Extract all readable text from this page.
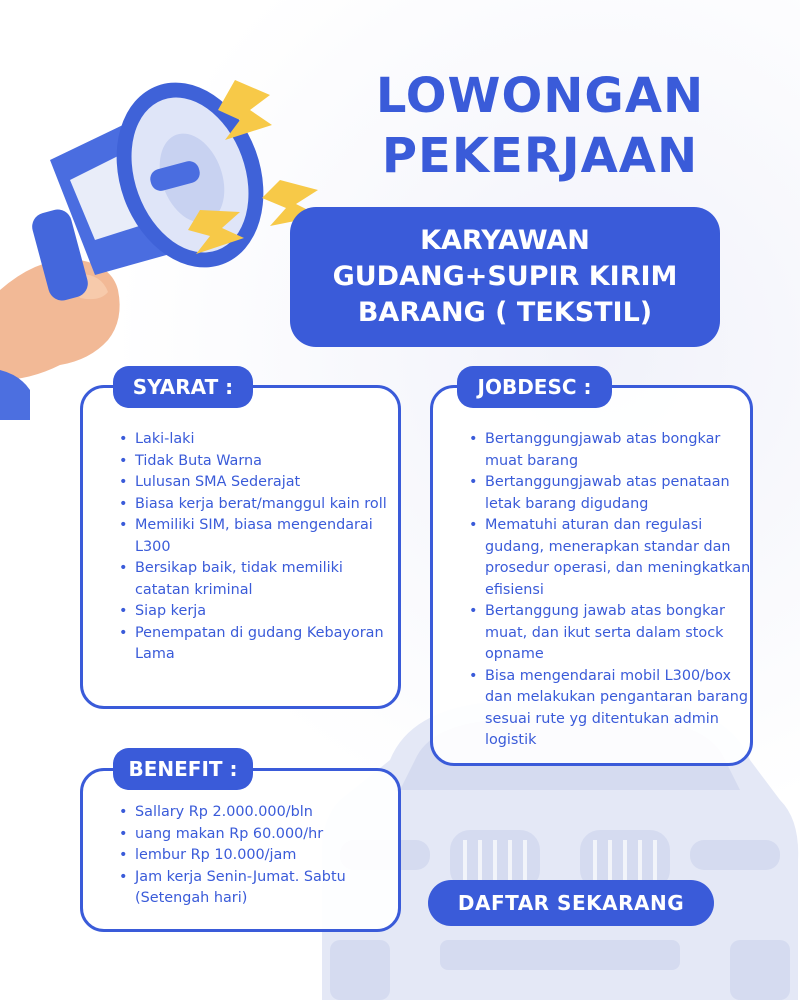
LOWONGAN
PEKERJAAN
KARYAWAN
GUDANG+SUPIR KIRIM
BARANG ( TEKSTIL)
• Laki-laki
• Tidak Buta Warna
• Lulusan SMA Sederajat
• Biasa kerja berat/manggul kain roll
• Memiliki SIM, biasa mengendarai L300
• Bersikap baik, tidak memiliki catatan kriminal
• Siap kerja
• Penempatan di gudang Kebayoran Lama
SYARAT :
• Bertanggungjawab atas bongkar muat barang
• Bertanggungjawab atas penataan letak barang digudang
• Mematuhi aturan dan regulasi gudang, menerapkan standar dan prosedur operasi, dan meningkatkan efisiensi
• Bertanggung jawab atas bongkar muat, dan ikut serta dalam stock opname
• Bisa mengendarai mobil L300/box dan melakukan pengantaran barang sesuai rute yg ditentukan admin logistik
JOBDESC :
• Sallary Rp 2.000.000/bln
• uang makan Rp 60.000/hr
• lembur Rp 10.000/jam
• Jam kerja Senin-Jumat. Sabtu (Setengah hari)
BENEFIT :
DAFTAR SEKARANG
